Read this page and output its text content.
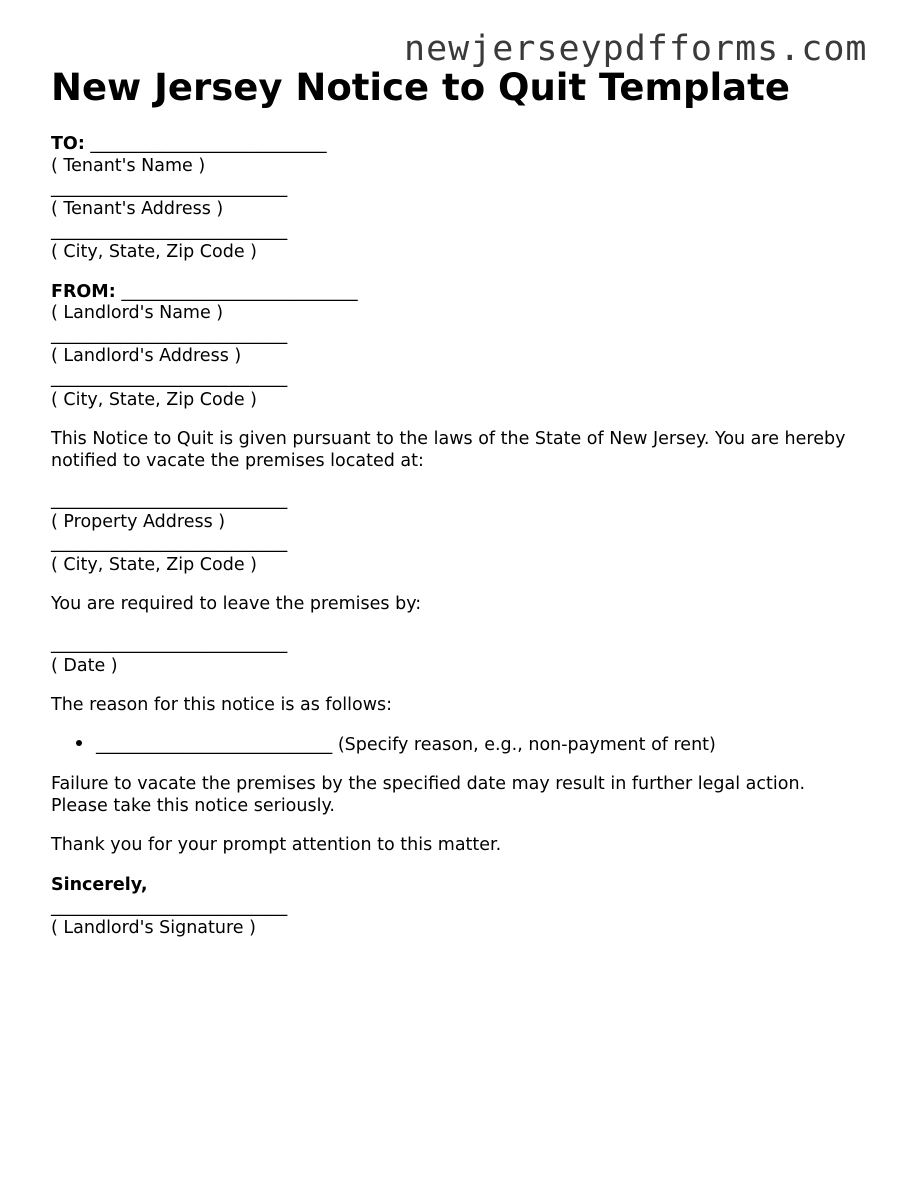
newjerseypdfforms.com
New Jersey Notice to Quit Template
TO: ___________________________
( Tenant's Name )
___________________________
( Tenant's Address )
___________________________
( City, State, Zip Code )
FROM: ___________________________
( Landlord's Name )
___________________________
( Landlord's Address )
___________________________
( City, State, Zip Code )
This Notice to Quit is given pursuant to the laws of the State of New Jersey. You are hereby notified to vacate the premises located at:
___________________________
( Property Address )
___________________________
( City, State, Zip Code )
You are required to leave the premises by:
___________________________
( Date )
The reason for this notice is as follows:
___________________________ (Specify reason, e.g., non-payment of rent)
Failure to vacate the premises by the specified date may result in further legal action.
Please take this notice seriously.
Thank you for your prompt attention to this matter.
Sincerely,
___________________________
( Landlord's Signature )
